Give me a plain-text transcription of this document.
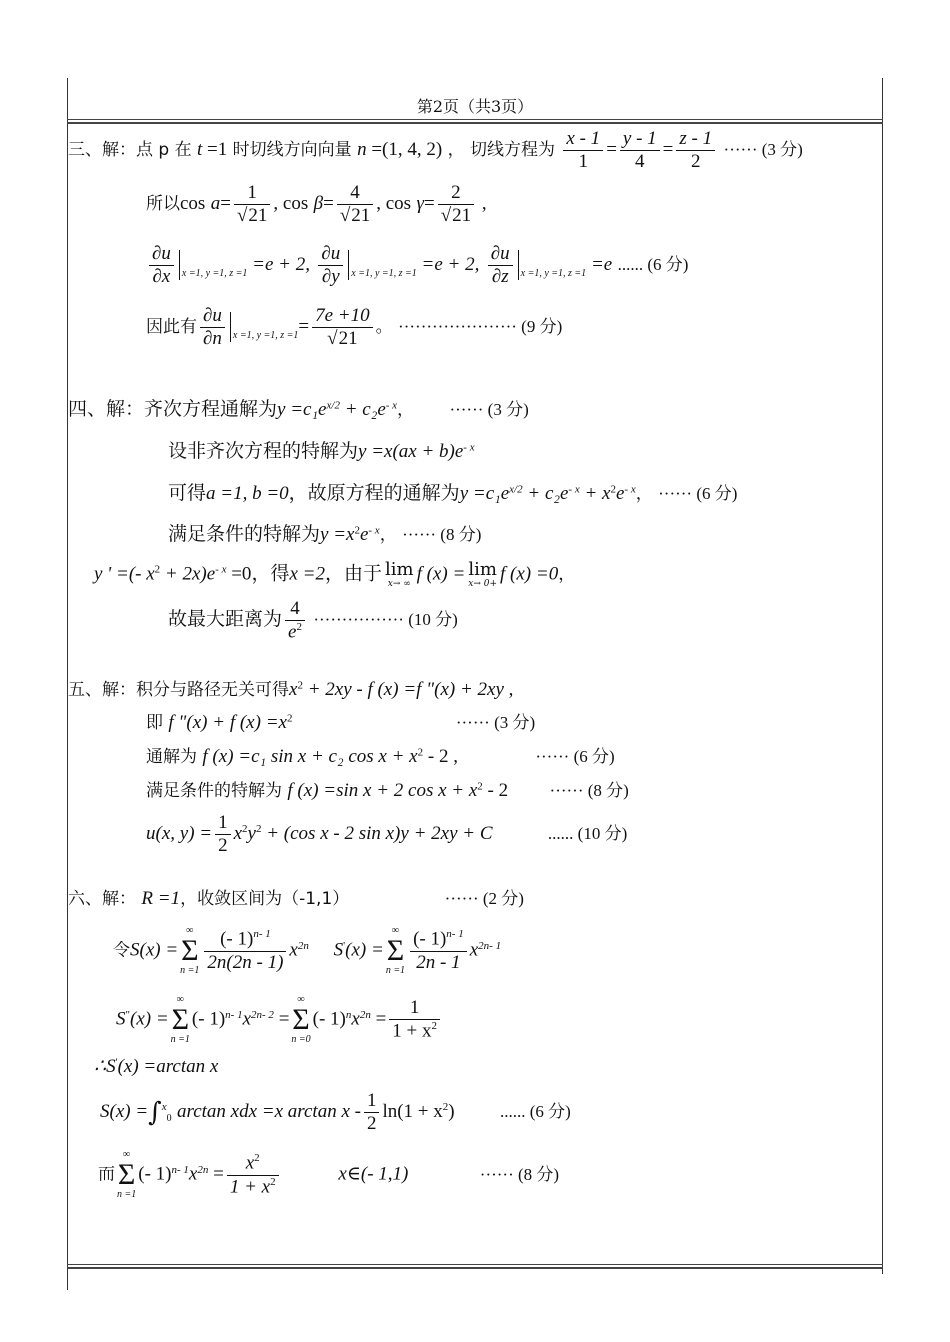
第2页（共3页）
三、解：点 p 在 t =1 时切线方向向量 n =(1, 4, 2) ， 切线方程为 $\frac{x - 1}{1} = \frac{y - 1}{4} = \frac{z - 1}{2}$ ······ (3 分)
所以$\cos a= \frac{1}{√21}$ , $\cos \beta= \frac{4}{√21}$ , $\cos \gamma= \frac{2}{√21}$ ,
$\frac{\partial u}{\partial x} _{x =1, y =1, z =1} =e + 2$, $\frac{\partial u}{\partial y} _{x =1, y =1, z =1} =e + 2$, $\frac{\partial u}{\partial z} _{x =1, y =1, z =1} =e$ ...... (6 分)
因此有 $\frac{\partial u}{\partial n} _{x =1, y =1, z =1}= \frac{7e +10}{√21}$ 。 ····················· (9 分)
四、解：齐次方程通解为$y =c_1e^{x/2} + c_2e^{- x}$， ······ (3 分)
设非齐次方程的特解为$y =x(ax + b)e^{- x}$
可得a =1, b =0，故原方程的通解为$y =c_1e^{x/2} + c_2e^{- x} + x^2e^{- x}$， ······ (6 分)
满足条件的特解为$y =x^2e^{- x}$， ······ (8 分)
y ' =(- $x^2 + 2x)e^{- x} =0$，得x =2，由于 lim
x→ ∞ f (x) = lim
x→ 0+ f (x) =0，
故最大距离为 $\frac{4}{e^2}$ ················ (10 分)
五、解：积分与路径无关可得$x^2 + 2xy - f$ (x) =f "(x) + 2xy ,
即 f "(x) + f $(x) =x^2$	······ (3 分)
通解为 f (x) =c₁ sin x + c₂ $\cos x + x^2 - 2$ ,	······ (6 分)
满足条件的特解为 f (x) =sin x + 2 $\cos x + x^2 - 2$ ······ (8 分)
u(x, $y) = \frac{1}{2} x^2y^2 + (\cos$ x - 2 sin x)y + 2xy + C	...... (10 分)
六、解： R =1，收敛区间为（-1,1）	······ (2 分)
令S(x) =
∞
Σ
$n =1 \frac{(- 1)^{n- 1}}{2n(2n - 1)} x^{2n}$ S'(x) =
∞
Σ
$n =1 \frac{(- 1)^{n- 1}}{2n - 1} x^{2n- 1}$
S"(x) =
∞
Σ
n =1
(- $1)^{n- 1}x^{2n- 2}$ =
∞
Σ
n =0
(- $1)^nx^{2n} = \frac{1}{1 + x^2}$
∴S'(x) =arctan x
S(x) =∫$^x_0$ arctan xdx =x $\arctan x - \frac{1}{2} \ln(1 + x^2)$	...... (6 分)
而
∞
Σ
n =1
(- $1)^{n- 1}x^{2n} = \frac{x^2}{1 + x^2}$	x∈(- 1,1)	······ (8 分)
